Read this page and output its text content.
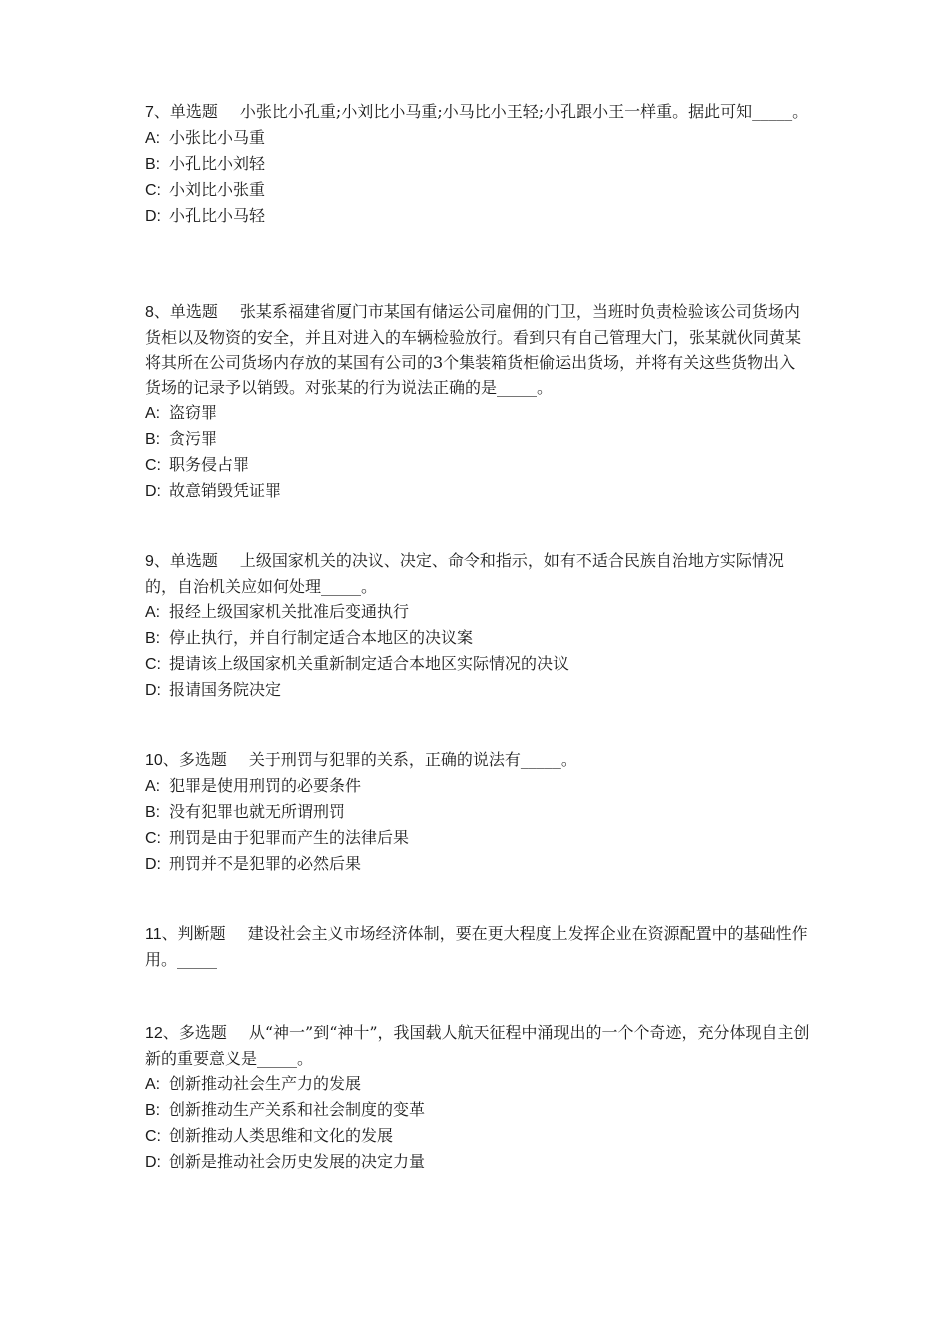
7、单选题 小张比小孔重;小刘比小马重;小马比小王轻;小孔跟小王一样重。据此可知_____。

A: 小张比小马重
B: 小孔比小刘轻
C: 小刘比小张重
D: 小孔比小马轻

8、单选题 张某系福建省厦门市某国有储运公司雇佣的门卫，当班时负责检验该公司货场内货柜以及物资的安全，并且对进入的车辆检验放行。看到只有自己管理大门，张某就伙同黄某将其所在公司货场内存放的某国有公司的3个集装箱货柜偷运出货场，并将有关这些货物出入货场的记录予以销毁。对张某的行为说法正确的是_____。

A: 盗窃罪
B: 贪污罪
C: 职务侵占罪
D: 故意销毁凭证罪

9、单选题 上级国家机关的决议、决定、命令和指示，如有不适合民族自治地方实际情况的，自治机关应如何处理_____。

A: 报经上级国家机关批准后变通执行
B: 停止执行，并自行制定适合本地区的决议案
C: 提请该上级国家机关重新制定适合本地区实际情况的决议
D: 报请国务院决定

10、多选题 关于刑罚与犯罪的关系，正确的说法有_____。

A: 犯罪是使用刑罚的必要条件
B: 没有犯罪也就无所谓刑罚
C: 刑罚是由于犯罪而产生的法律后果
D: 刑罚并不是犯罪的必然后果

11、判断题 建设社会主义市场经济体制，要在更大程度上发挥企业在资源配置中的基础性作用。_____

12、多选题 从“神一”到“神十”，我国载人航天征程中涌现出的一个个奇迹，充分体现自主创新的重要意义是_____。

A: 创新推动社会生产力的发展
B: 创新推动生产关系和社会制度的变革
C: 创新推动人类思维和文化的发展
D: 创新是推动社会历史发展的决定力量
